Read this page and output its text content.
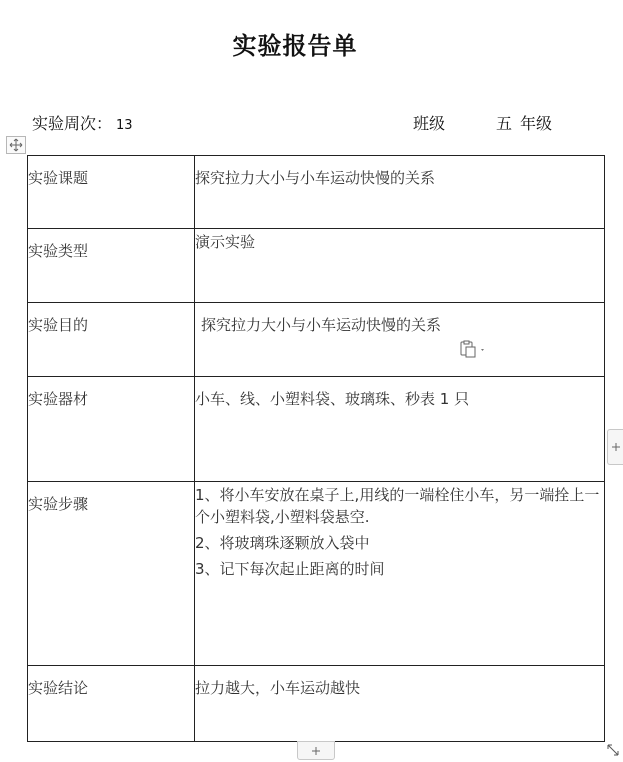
实验报告单
实验周次： 13	班级	五 年级
实验课题	探究拉力大小与小车运动快慢的关系

实验类型	演示实验

实验目的	探究拉力大小与小车运动快慢的关系

实验器材	小车、线、小塑料袋、玻璃珠、秒表 1 只

实验步骤	1、将小车安放在桌子上,用线的一端栓住小车，另一端拴上一个小塑料袋,小塑料袋悬空.
2、将玻璃珠逐颗放入袋中
3、记下每次起止距离的时间

实验结论	拉力越大，小车运动越快
